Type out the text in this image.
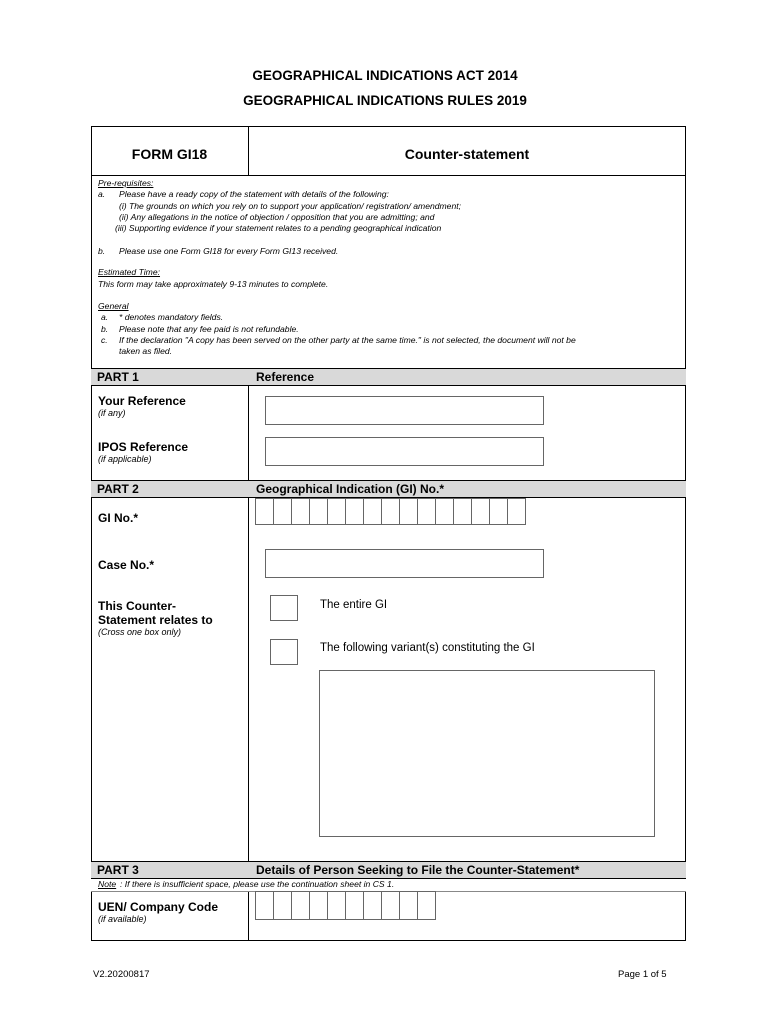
GEOGRAPHICAL INDICATIONS ACT 2014
GEOGRAPHICAL INDICATIONS RULES 2019
FORM GI18	Counter-statement
Pre-requisites:
a. Please have a ready copy of the statement with details of the following:
(i) The grounds on which you rely on to support your application/ registration/ amendment;
(ii) Any allegations in the notice of objection / opposition that you are admitting; and
(iii) Supporting evidence if your statement relates to a pending geographical indication
b. Please use one Form GI18 for every Form GI13 received.
Estimated Time:
This form may take approximately 9-13 minutes to complete.
General
a. * denotes mandatory fields.
b. Please note that any fee paid is not refundable.
c. If the declaration "A copy has been served on the other party at the same time." is not selected, the document will not be
taken as filed.
PART 1	Reference
Your Reference
(if any)
IPOS Reference
(if applicable)
PART 2	Geographical Indication (GI) No.*
GI No.*
Case No.*
This Counter-
Statement relates to
(Cross one box only)
The entire GI
The following variant(s) constituting the GI
PART 3	Details of Person Seeking to File the Counter-Statement*
Note : If there is insufficient space, please use the continuation sheet in CS 1.
UEN/ Company Code
(if available)
V2.20200817	Page 1 of 5
